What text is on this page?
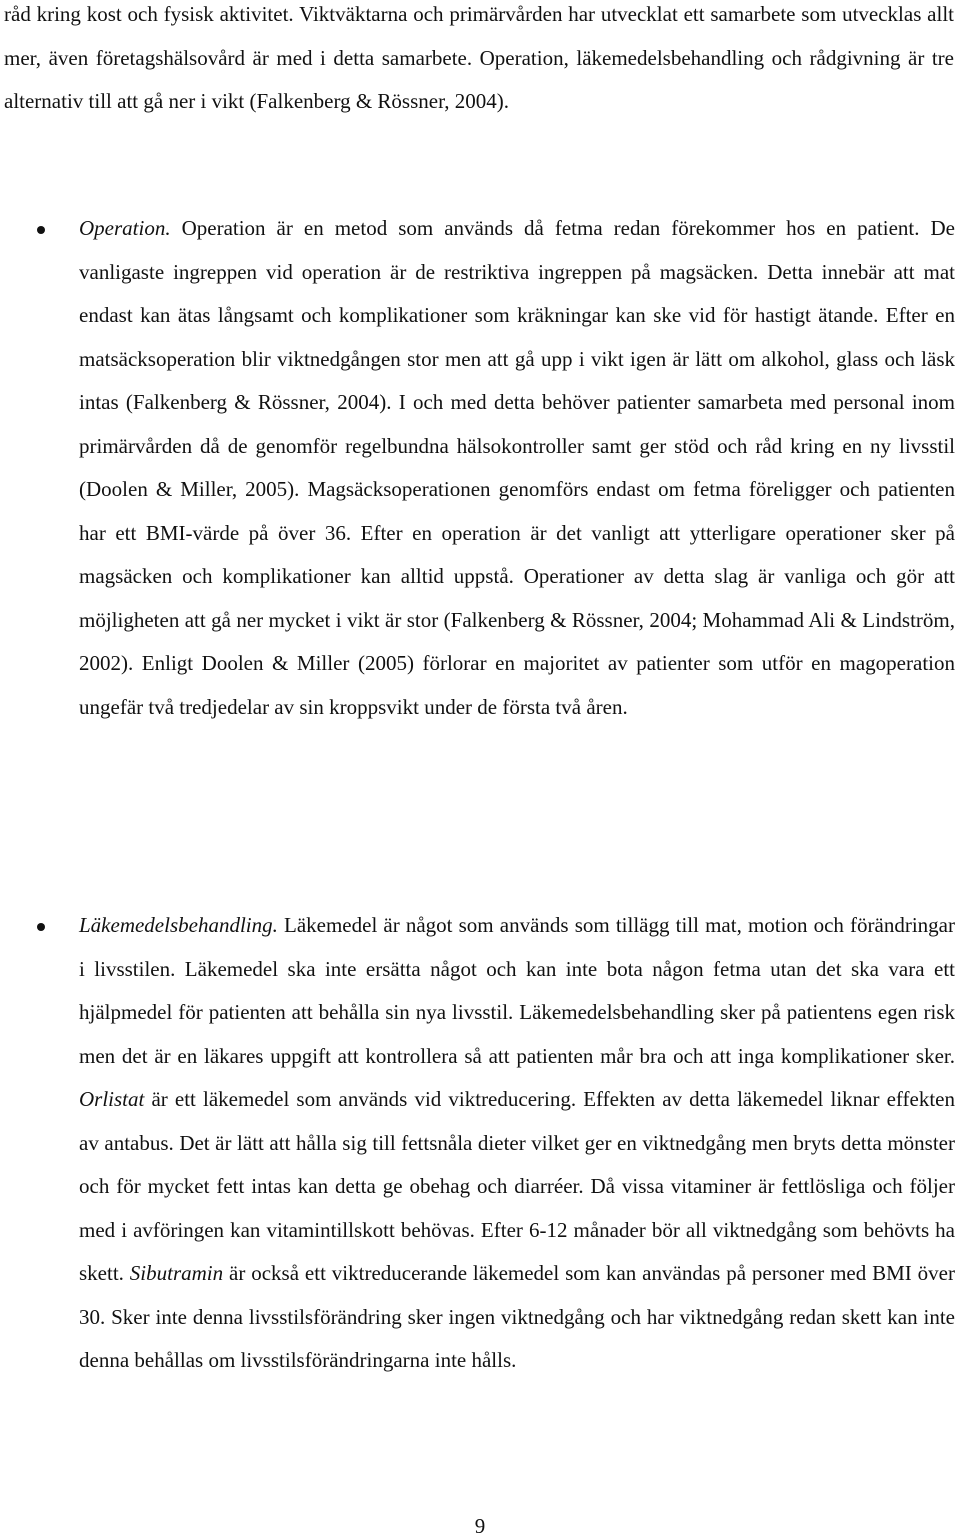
råd kring kost och fysisk aktivitet. Viktväktarna och primärvården har utvecklat ett samarbete som utvecklas allt mer, även företagshälsovård är med i detta samarbete. Operation, läkemedelsbehandling och rådgivning är tre alternativ till att gå ner i vikt (Falkenberg & Rössner, 2004).

Operation. Operation är en metod som används då fetma redan förekommer hos en patient. De vanligaste ingreppen vid operation är de restriktiva ingreppen på magsäcken. Detta innebär att mat endast kan ätas långsamt och komplikationer som kräkningar kan ske vid för hastigt ätande. Efter en matsäcksoperation blir viktnedgången stor men att gå upp i vikt igen är lätt om alkohol, glass och läsk intas (Falkenberg & Rössner, 2004). I och med detta behöver patienter samarbeta med personal inom primärvården då de genomför regelbundna hälsokontroller samt ger stöd och råd kring en ny livsstil (Doolen & Miller, 2005). Magsäcksoperationen genomförs endast om fetma föreligger och patienten har ett BMI-värde på över 36. Efter en operation är det vanligt att ytterligare operationer sker på magsäcken och komplikationer kan alltid uppstå. Operationer av detta slag är vanliga och gör att möjligheten att gå ner mycket i vikt är stor (Falkenberg & Rössner, 2004; Mohammad Ali & Lindström, 2002). Enligt Doolen & Miller (2005) förlorar en majoritet av patienter som utför en magoperation ungefär två tredjedelar av sin kroppsvikt under de första två åren.

Läkemedelsbehandling. Läkemedel är något som används som tillägg till mat, motion och förändringar i livsstilen. Läkemedel ska inte ersätta något och kan inte bota någon fetma utan det ska vara ett hjälpmedel för patienten att behålla sin nya livsstil. Läkemedelsbehandling sker på patientens egen risk men det är en läkares uppgift att kontrollera så att patienten mår bra och att inga komplikationer sker. Orlistat är ett läkemedel som används vid viktreducering. Effekten av detta läkemedel liknar effekten av antabus. Det är lätt att hålla sig till fettsnåla dieter vilket ger en viktnedgång men bryts detta mönster och för mycket fett intas kan detta ge obehag och diarréer. Då vissa vitaminer är fettlösliga och följer med i avföringen kan vitamintillskott behövas. Efter 6-12 månader bör all viktnedgång som behövts ha skett. Sibutramin är också ett viktreducerande läkemedel som kan användas på personer med BMI över 30. Sker inte denna livsstilsförändring sker ingen viktnedgång och har viktnedgång redan skett kan inte denna behållas om livsstilsförändringarna inte hålls.

9
